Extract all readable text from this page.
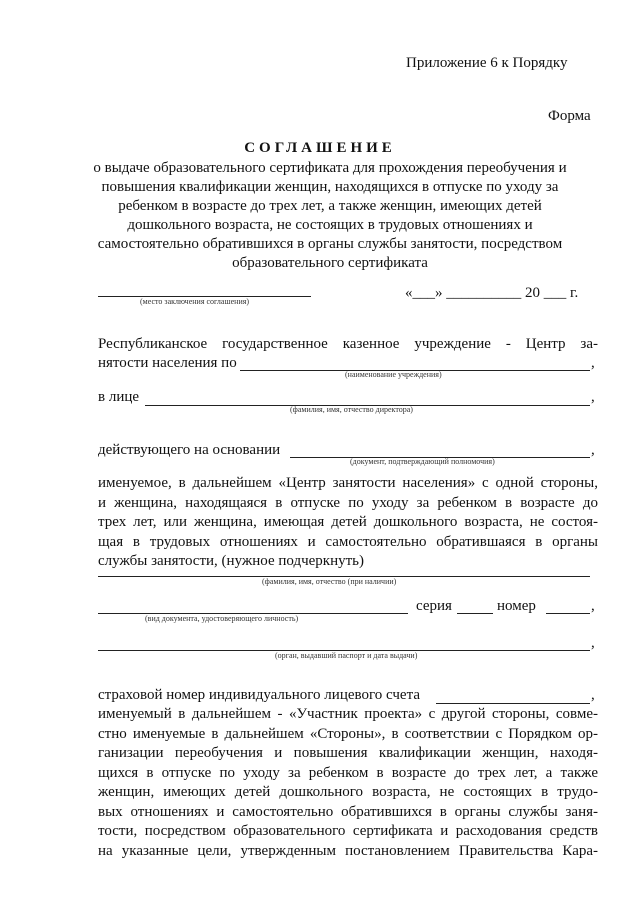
Приложение 6 к Порядку
Форма
СОГЛАШЕНИЕ
о выдаче образовательного сертификата для прохождения переобучения и
повышения квалификации женщин, находящихся в отпуске по уходу за
ребенком в возрасте до трех лет, а также женщин, имеющих детей
дошкольного возраста, не состоящих в трудовых отношениях и
самостоятельно обратившихся в органы службы занятости, посредством
образовательного сертификата
(место заключения соглашения)
«___» __________ 20 ___ г.
Республиканское государственное казенное учреждение - Центр за-
нятости населения по	,
(наименование учреждения)
в лице	,
(фамилия, имя, отчество директора)
действующего на основании	,
(документ, подтверждающий полномочия)
именуемое, в дальнейшем «Центр занятости населения» с одной стороны,
и женщина, находящаяся в отпуске по уходу за ребенком в возрасте до
трех лет, или женщина, имеющая детей дошкольного возраста, не состоя-
щая в трудовых отношениях и самостоятельно обратившаяся в органы
службы занятости, (нужное подчеркнуть)
(фамилия, имя, отчество (при наличии)
серия	номер	,
(вид документа, удостоверяющего личность)
,
(орган, выдавший паспорт и дата выдачи)
страховой номер индивидуального лицевого счета	,
именуемый в дальнейшем - «Участник проекта» с другой стороны, совме-
стно именуемые в дальнейшем «Стороны», в соответствии с Порядком ор-
ганизации переобучения и повышения квалификации женщин, находя-
щихся в отпуске по уходу за ребенком в возрасте до трех лет, а также
женщин, имеющих детей дошкольного возраста, не состоящих в трудо-
вых отношениях и самостоятельно обратившихся в органы службы заня-
тости, посредством образовательного сертификата и расходования средств
на указанные цели, утвержденным постановлением Правительства Кара-
